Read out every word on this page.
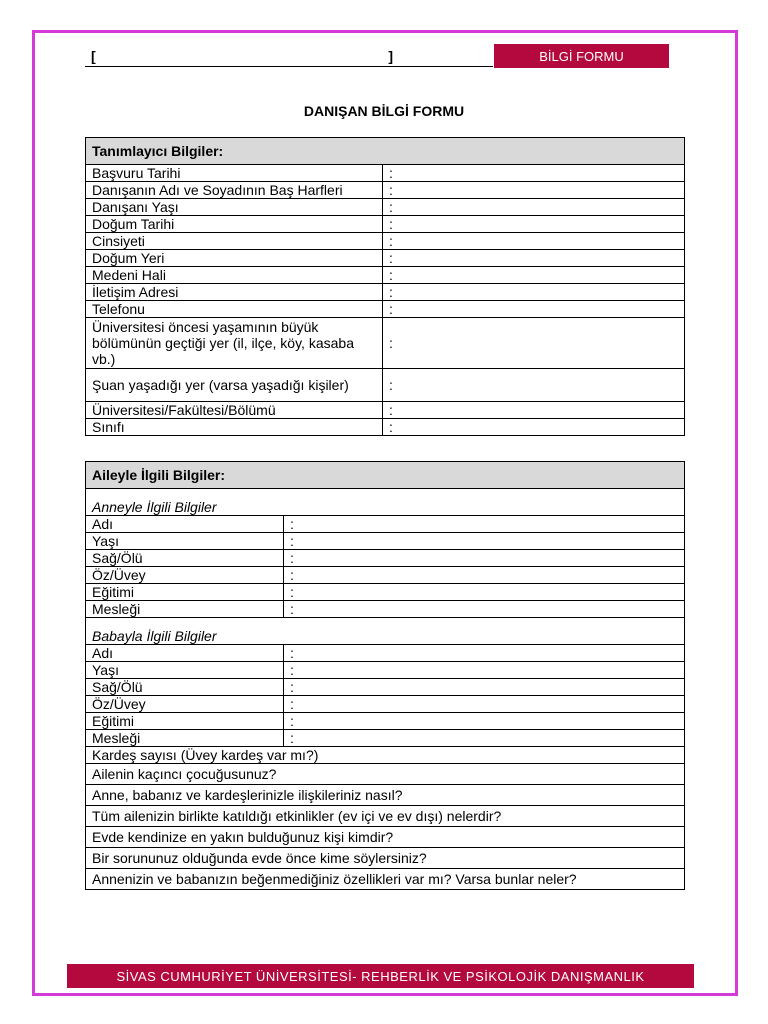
[	]	BİLGİ FORMU
DANIŞAN BİLGİ FORMU
Tanımlayıcı Bilgiler:	
Başvuru Tarihi	:
Danışanın Adı ve Soyadının Baş Harfleri	:
Danışanı Yaşı	:
Doğum Tarihi	:
Cinsiyeti	:
Doğum Yeri	:
Medeni Hali	:
İletişim Adresi	:
Telefonu	:
Üniversitesi öncesi yaşamının büyük bölümünün geçtiği yer (il, ilçe, köy, kasaba vb.)	:
Şuan yaşadığı yer (varsa yaşadığı kişiler)	:
Üniversitesi/Fakültesi/Bölümü	:
Sınıfı	:
Aileyle İlgili Bilgiler:	
Anneyle İlgili Bilgiler	
Adı	:
Yaşı	:
Sağ/Ölü	:
Öz/Üvey	:
Eğitimi	:
Mesleği	:
Babayla İlgili Bilgiler	
Adı	:
Yaşı	:
Sağ/Ölü	:
Öz/Üvey	:
Eğitimi	:
Mesleği	:
Kardeş sayısı (Üvey kardeş var mı?)	
Ailenin kaçıncı çocuğusunuz?	
Anne, babanız ve kardeşlerinizle ilişkileriniz nasıl?	
Tüm ailenizin birlikte katıldığı etkinlikler (ev içi ve ev dışı) nelerdir?	
Evde kendinize en yakın bulduğunuz kişi kimdir?	
Bir sorununuz olduğunda evde önce kime söylersiniz?	
Annenizin ve babanızın beğenmediğiniz özellikleri var mı? Varsa bunlar neler?	
SİVAS CUMHURİYET ÜNİVERSİTESİ- REHBERLİK VE PSİKOLOJİK DANIŞMANLIK
